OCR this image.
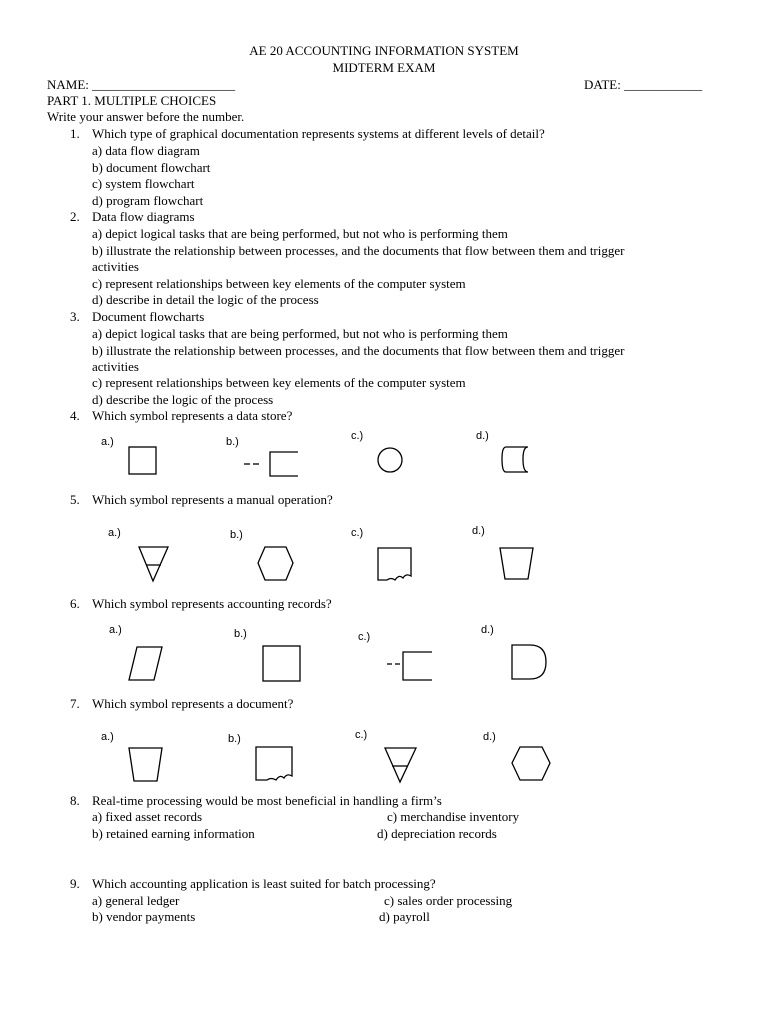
AE 20 ACCOUNTING INFORMATION SYSTEM
MIDTERM EXAM
NAME: ______________________	DATE: ____________
PART 1. MULTIPLE CHOICES
Write your answer before the number.
1. Which type of graphical documentation represents systems at different levels of detail?
a) data flow diagram
b) document flowchart
c) system flowchart
d) program flowchart
2. Data flow diagrams
a) depict logical tasks that are being performed, but not who is performing them
b) illustrate the relationship between processes, and the documents that flow between them and trigger
activities
c) represent relationships between key elements of the computer system
d) describe in detail the logic of the process
3. Document flowcharts
a) depict logical tasks that are being performed, but not who is performing them
b) illustrate the relationship between processes, and the documents that flow between them and trigger
activities
c) represent relationships between key elements of the computer system
d) describe the logic of the process
4. Which symbol represents a data store?
a.)	b.)	c.)	d.)
5. Which symbol represents a manual operation?
a.)	b.)	c.)	d.)
6. Which symbol represents accounting records?
a.)	b.)	c.)
d.)
7. Which symbol represents a document?
a.)	b.)	c.)	d.)
8. Real-time processing would be most beneficial in handling a firm’s
a) fixed asset records	c) merchandise inventory
b) retained earning information	d) depreciation records
9. Which accounting application is least suited for batch processing?
a) general ledger	c) sales order processing
b) vendor payments	d) payroll
